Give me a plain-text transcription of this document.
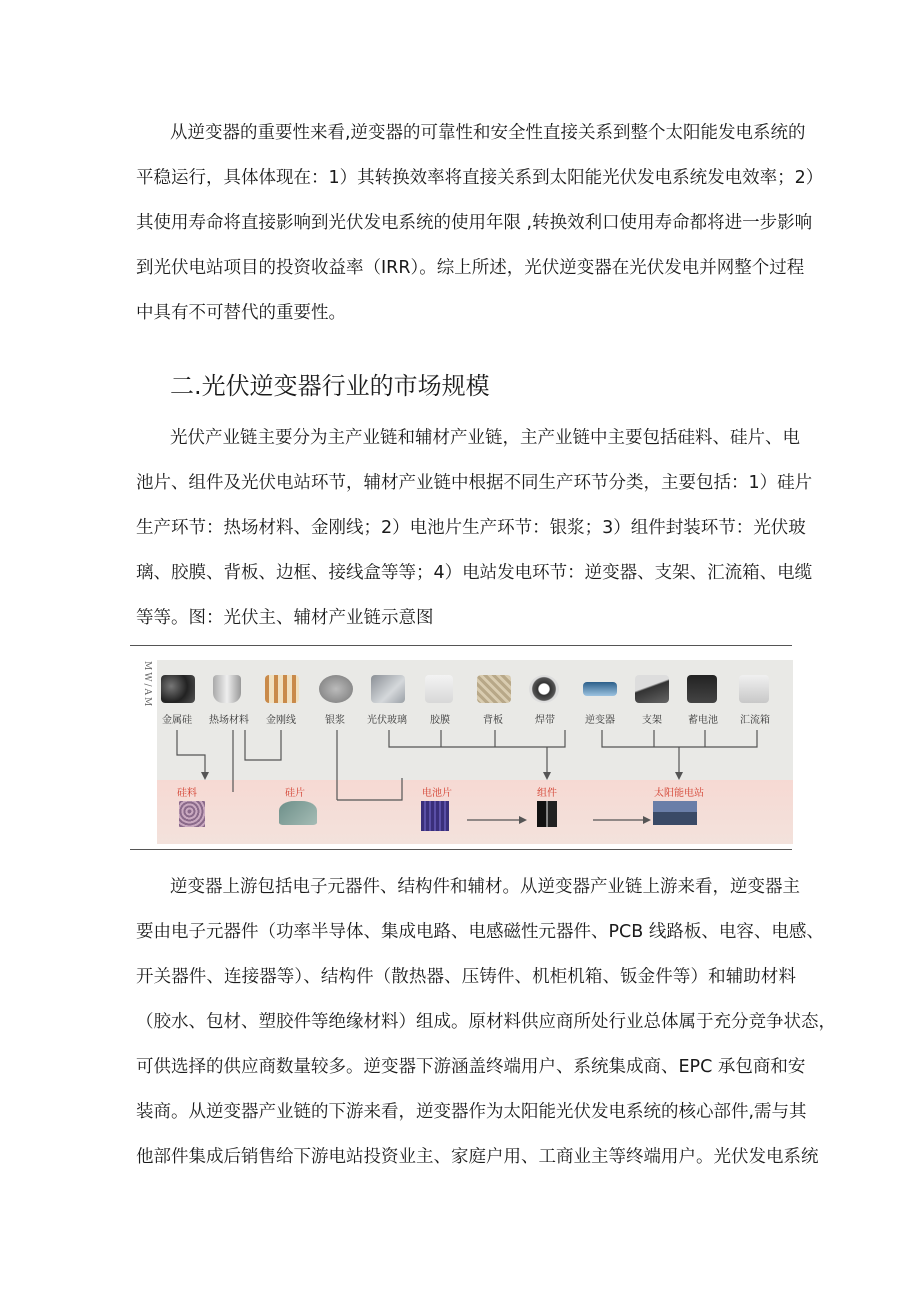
从逆变器的重要性来看,逆变器的可靠性和安全性直接关系到整个太阳能发电系统的
平稳运行，具体体现在：1）其转换效率将直接关系到太阳能光伏发电系统发电效率；2）
其使用寿命将直接影响到光伏发电系统的使用年限 ,转换效利口使用寿命都将进一步影响
到光伏电站项目的投资收益率（IRR）。综上所述，光伏逆变器在光伏发电并网整个过程
中具有不可替代的重要性。
二.光伏逆变器行业的市场规模
光伏产业链主要分为主产业链和辅材产业链，主产业链中主要包括硅料、硅片、电
池片、组件及光伏电站环节，辅材产业链中根据不同生产环节分类，主要包括：1）硅片
生产环节：热场材料、金刚线；2）电池片生产环节：银浆；3）组件封装环节：光伏玻
璃、胶膜、背板、边框、接线盒等等；4）电站发电环节：逆变器、支架、汇流箱、电缆
等等。图：光伏主、辅材产业链示意图
MW/AM
金属硅 热场材料 金刚线	银浆 光伏玻璃 胶膜	背板	焊带	逆变器	支架	蓄电池 汇流箱
硅料	硅片	电池片	组件	太阳能电站
逆变器上游包括电子元器件、结构件和辅材。从逆变器产业链上游来看，逆变器主
要由电子元器件（功率半导体、集成电路、电感磁性元器件、PCB 线路板、电容、电感、
开关器件、连接器等）、结构件（散热器、压铸件、机柜机箱、钣金件等）和辅助材料
（胶水、包材、塑胶件等绝缘材料）组成。原材料供应商所处行业总体属于充分竞争状态，
可供选择的供应商数量较多。逆变器下游涵盖终端用户、系统集成商、EPC 承包商和安
装商。从逆变器产业链的下游来看，逆变器作为太阳能光伏发电系统的核心部件,需与其
他部件集成后销售给下游电站投资业主、家庭户用、工商业主等终端用户。光伏发电系统
